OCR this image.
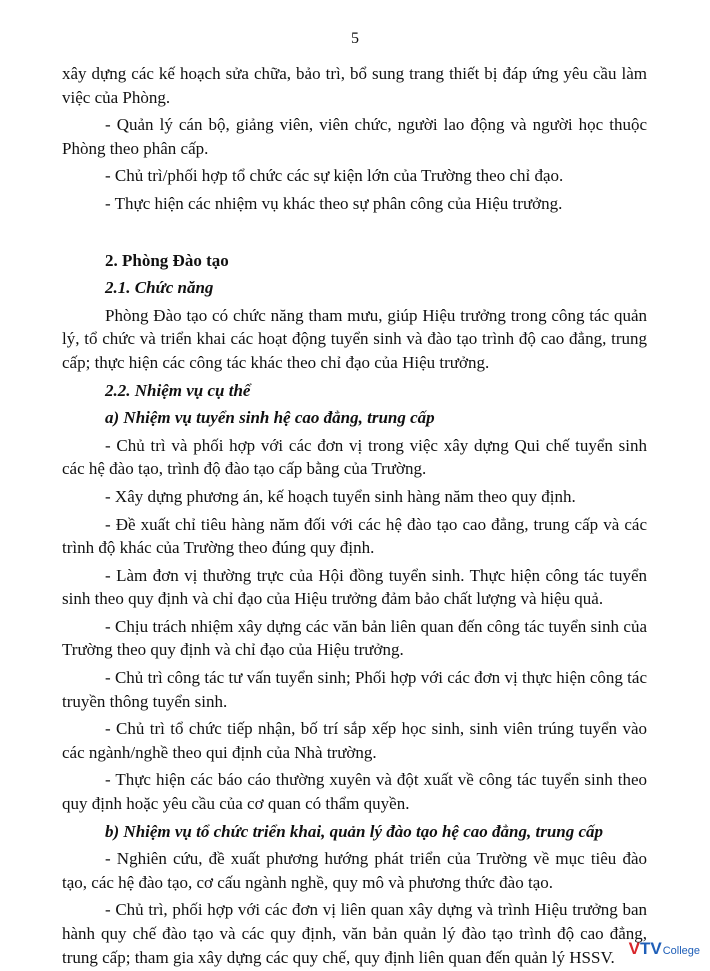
5

xây dựng các kế hoạch sửa chữa, bảo trì, bổ sung trang thiết bị đáp ứng yêu cầu làm việc của Phòng.

- Quản lý cán bộ, giảng viên, viên chức, người lao động và người học thuộc Phòng theo phân cấp.

- Chủ trì/phối hợp tổ chức các sự kiện lớn của Trường theo chỉ đạo.

- Thực hiện các nhiệm vụ khác theo sự phân công của Hiệu trưởng.

2. Phòng Đào tạo

2.1. Chức năng

Phòng Đào tạo có chức năng tham mưu, giúp Hiệu trưởng trong công tác quản lý, tổ chức và triển khai các hoạt động tuyển sinh và đào tạo trình độ cao đẳng, trung cấp; thực hiện các công tác khác theo chỉ đạo của Hiệu trưởng.

2.2. Nhiệm vụ cụ thể

a) Nhiệm vụ tuyển sinh hệ cao đẳng, trung cấp

- Chủ trì và phối hợp với các đơn vị trong việc xây dựng Qui chế tuyển sinh các hệ đào tạo, trình độ đào tạo cấp bằng của Trường.

- Xây dựng phương án, kế hoạch tuyển sinh hàng năm theo quy định.

- Đề xuất chỉ tiêu hàng năm đối với các hệ đào tạo cao đẳng, trung cấp và các trình độ khác của Trường theo đúng quy định.

- Làm đơn vị thường trực của Hội đồng tuyển sinh. Thực hiện công tác tuyển sinh theo quy định và chỉ đạo của Hiệu trưởng đảm bảo chất lượng và hiệu quả.

- Chịu trách nhiệm xây dựng các văn bản liên quan đến công tác tuyển sinh của Trường theo quy định và chỉ đạo của Hiệu trưởng.

- Chủ trì công tác tư vấn tuyển sinh; Phối hợp với các đơn vị thực hiện công tác truyền thông tuyển sinh.

- Chủ trì tổ chức tiếp nhận, bố trí sắp xếp học sinh, sinh viên trúng tuyển vào các ngành/nghề theo qui định của Nhà trường.

- Thực hiện các báo cáo thường xuyên và đột xuất về công tác tuyển sinh theo quy định hoặc yêu cầu của cơ quan có thẩm quyền.

b) Nhiệm vụ tổ chức triển khai, quản lý đào tạo hệ cao đẳng, trung cấp

- Nghiên cứu, đề xuất phương hướng phát triển của Trường về mục tiêu đào tạo, các hệ đào tạo, cơ cấu ngành nghề, quy mô và phương thức đào tạo.

- Chủ trì, phối hợp với các đơn vị liên quan xây dựng và trình Hiệu trưởng ban hành quy chế đào tạo và các quy định, văn bản quản lý đào tạo trình độ cao đẳng, trung cấp; tham gia xây dựng các quy chế, quy định liên quan đến quản lý HSSV. V TV College
